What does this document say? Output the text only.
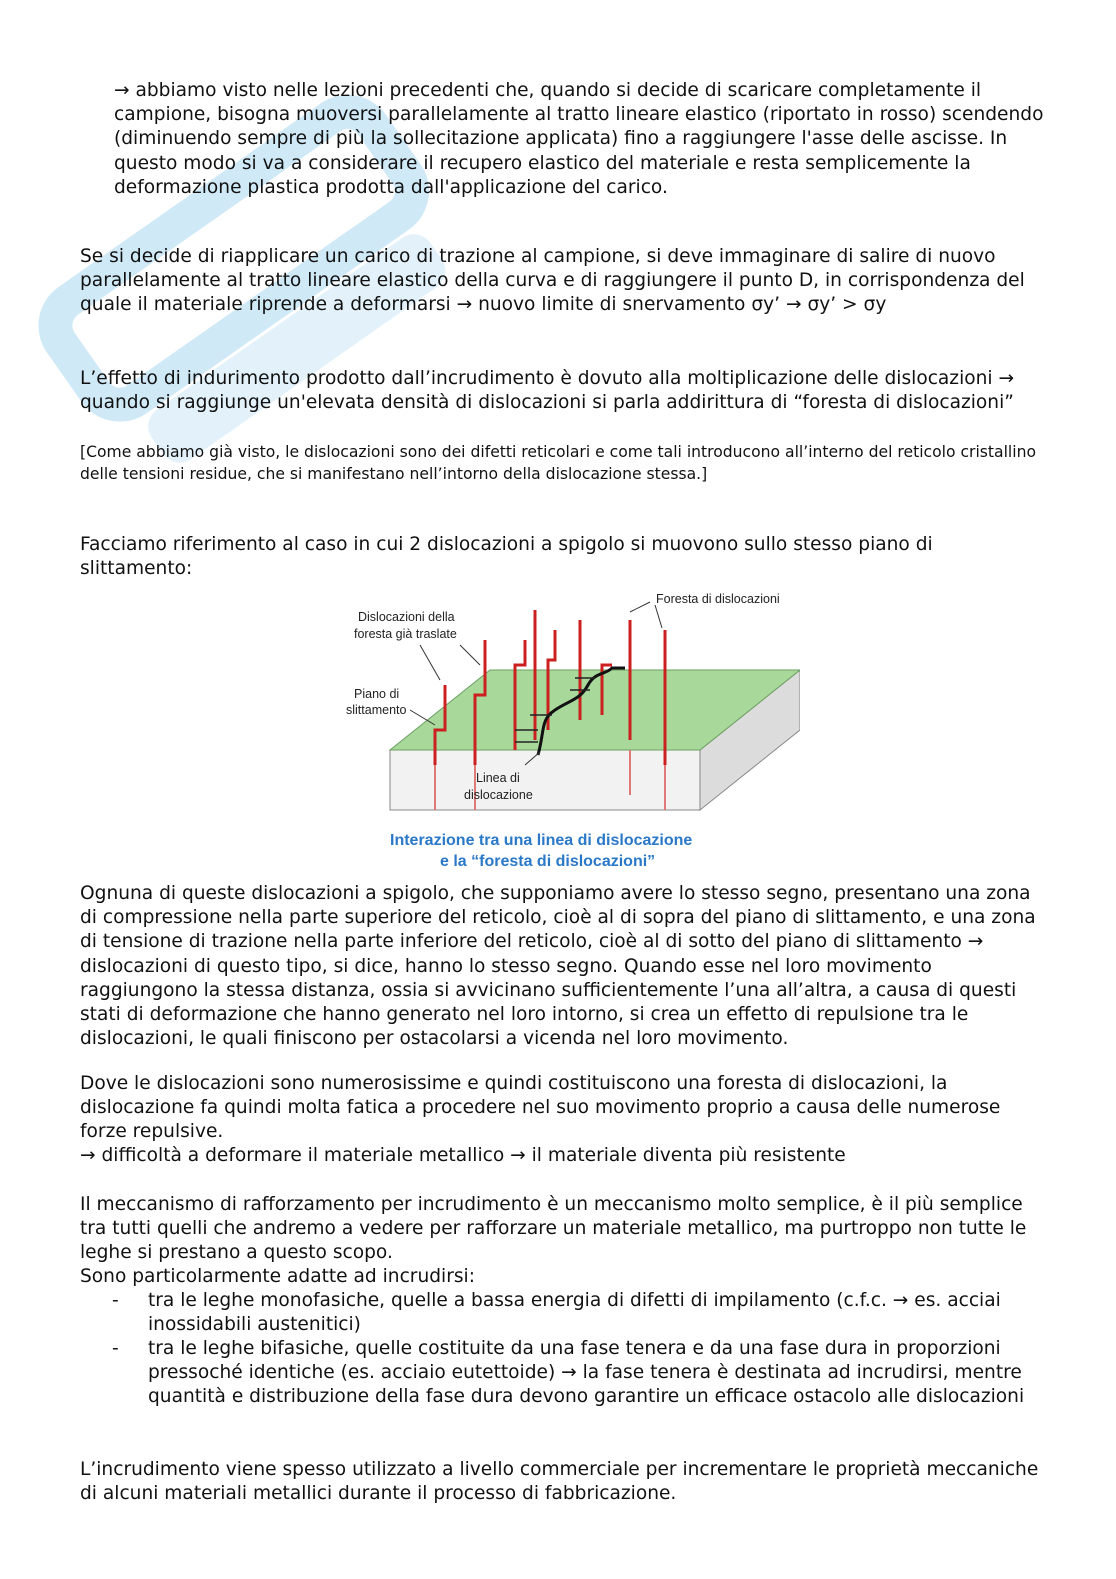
→ abbiamo visto nelle lezioni precedenti che, quando si decide di scaricare completamente il campione, bisogna muoversi parallelamente al tratto lineare elastico (riportato in rosso) scendendo (diminuendo sempre di più la sollecitazione applicata) fino a raggiungere l'asse delle ascisse. In questo modo si va a considerare il recupero elastico del materiale e resta semplicemente la deformazione plastica prodotta dall'applicazione del carico.

Se si decide di riapplicare un carico di trazione al campione, si deve immaginare di salire di nuovo parallelamente al tratto lineare elastico della curva e di raggiungere il punto D, in corrispondenza del quale il materiale riprende a deformarsi → nuovo limite di snervamento σy’ → σy’ > σy

L’effetto di indurimento prodotto dall’incrudimento è dovuto alla moltiplicazione delle dislocazioni → quando si raggiunge un'elevata densità di dislocazioni si parla addirittura di “foresta di dislocazioni”

[Come abbiamo già visto, le dislocazioni sono dei difetti reticolari e come tali introducono all’interno del reticolo cristallino delle tensioni residue, che si manifestano nell’intorno della dislocazione stessa.]

Facciamo riferimento al caso in cui 2 dislocazioni a spigolo si muovono sullo stesso piano di slittamento:

Dislocazioni della
foresta già traslate
Foresta di dislocazioni
Piano di
slittamento
Linea di
dislocazione
Interazione tra una linea di dislocazione
e la “foresta di dislocazioni”

Ognuna di queste dislocazioni a spigolo, che supponiamo avere lo stesso segno, presentano una zona di compressione nella parte superiore del reticolo, cioè al di sopra del piano di slittamento, e una zona di tensione di trazione nella parte inferiore del reticolo, cioè al di sotto del piano di slittamento → dislocazioni di questo tipo, si dice, hanno lo stesso segno. Quando esse nel loro movimento raggiungono la stessa distanza, ossia si avvicinano sufficientemente l’una all’altra, a causa di questi stati di deformazione che hanno generato nel loro intorno, si crea un effetto di repulsione tra le dislocazioni, le quali finiscono per ostacolarsi a vicenda nel loro movimento.

Dove le dislocazioni sono numerosissime e quindi costituiscono una foresta di dislocazioni, la dislocazione fa quindi molta fatica a procedere nel suo movimento proprio a causa delle numerose forze repulsive.

→ difficoltà a deformare il materiale metallico → il materiale diventa più resistente

Il meccanismo di rafforzamento per incrudimento è un meccanismo molto semplice, è il più semplice tra tutti quelli che andremo a vedere per rafforzare un materiale metallico, ma purtroppo non tutte le leghe si prestano a questo scopo.

Sono particolarmente adatte ad incrudirsi:

- tra le leghe monofasiche, quelle a bassa energia di difetti di impilamento (c.f.c. → es. acciai inossidabili austenitici)

- tra le leghe bifasiche, quelle costituite da una fase tenera e da una fase dura in proporzioni pressoché identiche (es. acciaio eutettoide) → la fase tenera è destinata ad incrudirsi, mentre quantità e distribuzione della fase dura devono garantire un efficace ostacolo alle dislocazioni

L’incrudimento viene spesso utilizzato a livello commerciale per incrementare le proprietà meccaniche di alcuni materiali metallici durante il processo di fabbricazione.
